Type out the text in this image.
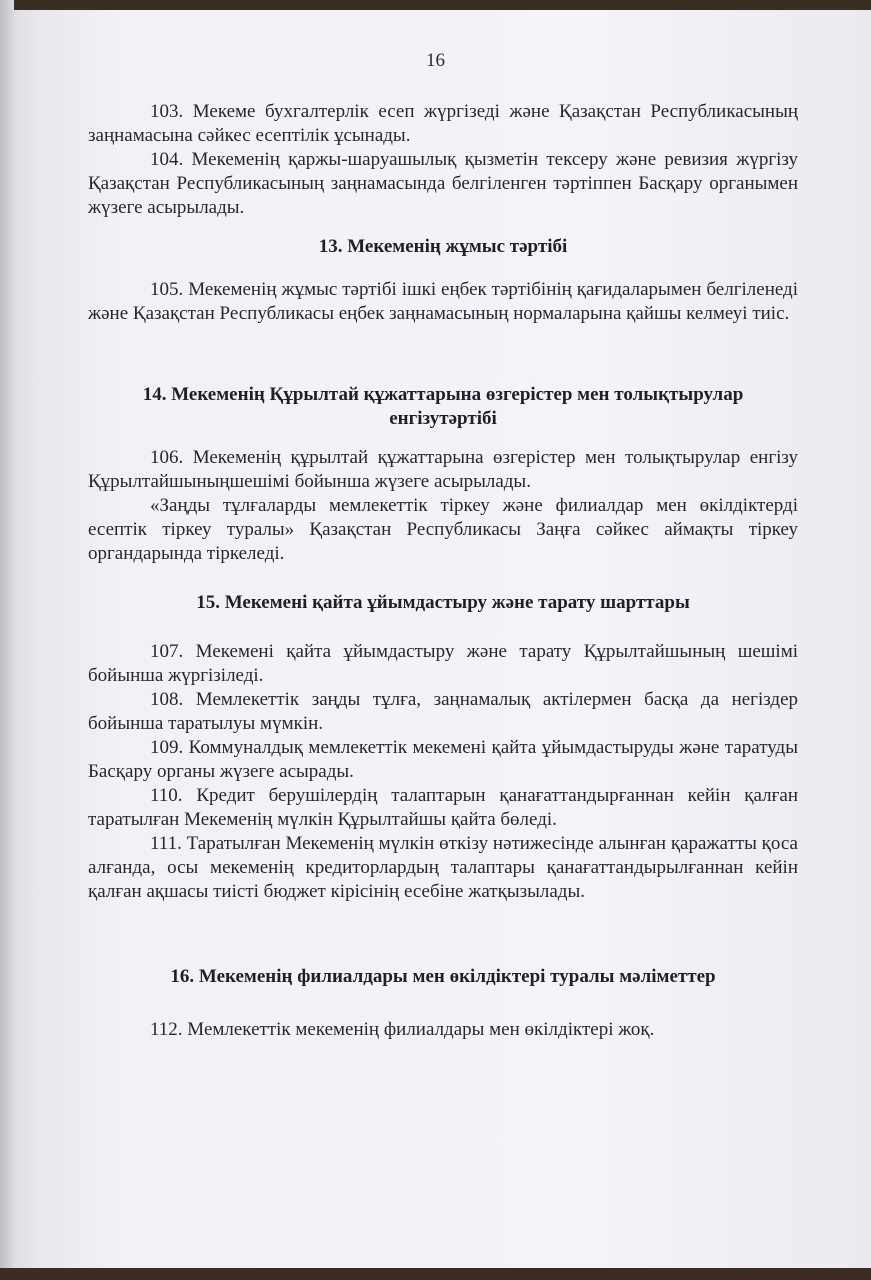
16

103. Мекеме бухгалтерлік есеп жүргізеді және Қазақстан Республикасының заңнамасына сәйкес есептілік ұсынады.

104. Мекеменің қаржы-шаруашылық қызметін тексеру және ревизия жүргізу Қазақстан Республикасының заңнамасында белгіленген тәртіппен Басқару органымен жүзеге асырылады.

13. Мекеменің жұмыс тәртібі

105. Мекеменің жұмыс тәртібі ішкі еңбек тәртібінің қағидаларымен белгіленеді және Қазақстан Республикасы еңбек заңнамасының нормаларына қайшы келмеуі тиіс.

14. Мекеменің Құрылтай құжаттарына өзгерістер мен толықтырулар
енгізутәртібі

106. Мекеменің құрылтай құжаттарына өзгерістер мен толықтырулар енгізу Құрылтайшыныңшешімі бойынша жүзеге асырылады.

«Заңды тұлғаларды мемлекеттік тіркеу және филиалдар мен өкілдіктерді есептік тіркеу туралы» Қазақстан Республикасы Заңға сәйкес аймақты тіркеу органдарында тіркеледі.

15. Мекемені қайта ұйымдастыру және тарату шарттары

107. Мекемені қайта ұйымдастыру және тарату Құрылтайшының шешімі бойынша жүргізіледі.

108. Мемлекеттік заңды тұлға, заңнамалық актілермен басқа да негіздер бойынша таратылуы мүмкін.

109. Коммуналдық мемлекеттік мекемені қайта ұйымдастыруды және таратуды Басқару органы жүзеге асырады.

110. Кредит берушілердің талаптарын қанағаттандырғаннан кейін қалған таратылған Мекеменің мүлкін Құрылтайшы қайта бөледі.

111. Таратылған Мекеменің мүлкін өткізу нәтижесінде алынған қаражатты қоса алғанда, осы мекеменің кредиторлардың талаптары қанағаттандырылғаннан кейін қалған ақшасы тиісті бюджет кірісінің есебіне жатқызылады.

16. Мекеменің филиалдары мен өкілдіктері туралы мәліметтер

112. Мемлекеттік мекеменің филиалдары мен өкілдіктері жоқ.
